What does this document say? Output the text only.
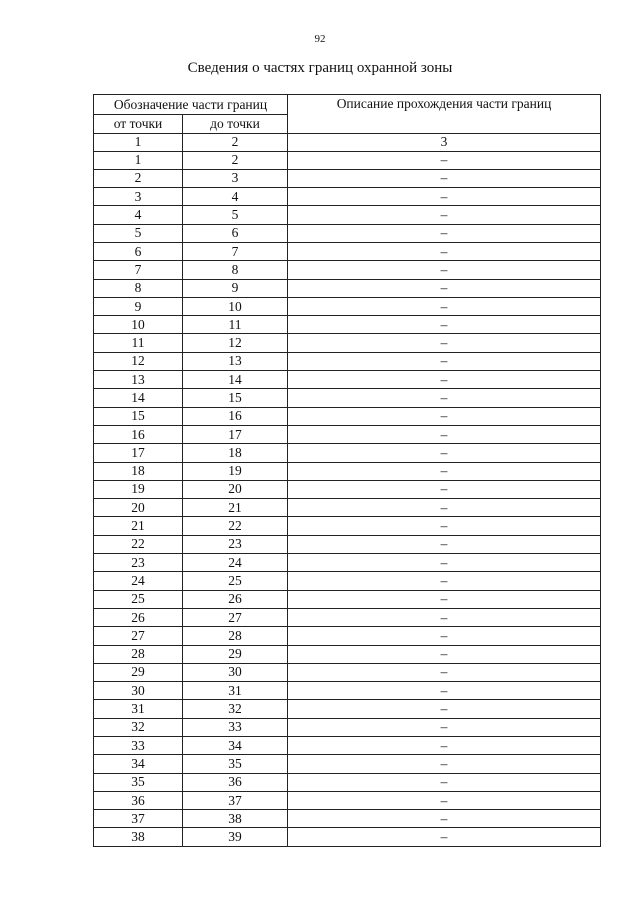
92
Сведения о частях границ охранной зоны
Обозначение части границ		Описание прохождения части границ
от точки	до точки	
1	2	3
1	2	–
2	3	–
3	4	–
4	5	–
5	6	–
6	7	–
7	8	–
8	9	–
9	10	–
10	11	–
11	12	–
12	13	–
13	14	–
14	15	–
15	16	–
16	17	–
17	18	–
18	19	–
19	20	–
20	21	–
21	22	–
22	23	–
23	24	–
24	25	–
25	26	–
26	27	–
27	28	–
28	29	–
29	30	–
30	31	–
31	32	–
32	33	–
33	34	–
34	35	–
35	36	–
36	37	–
37	38	–
38	39	–
